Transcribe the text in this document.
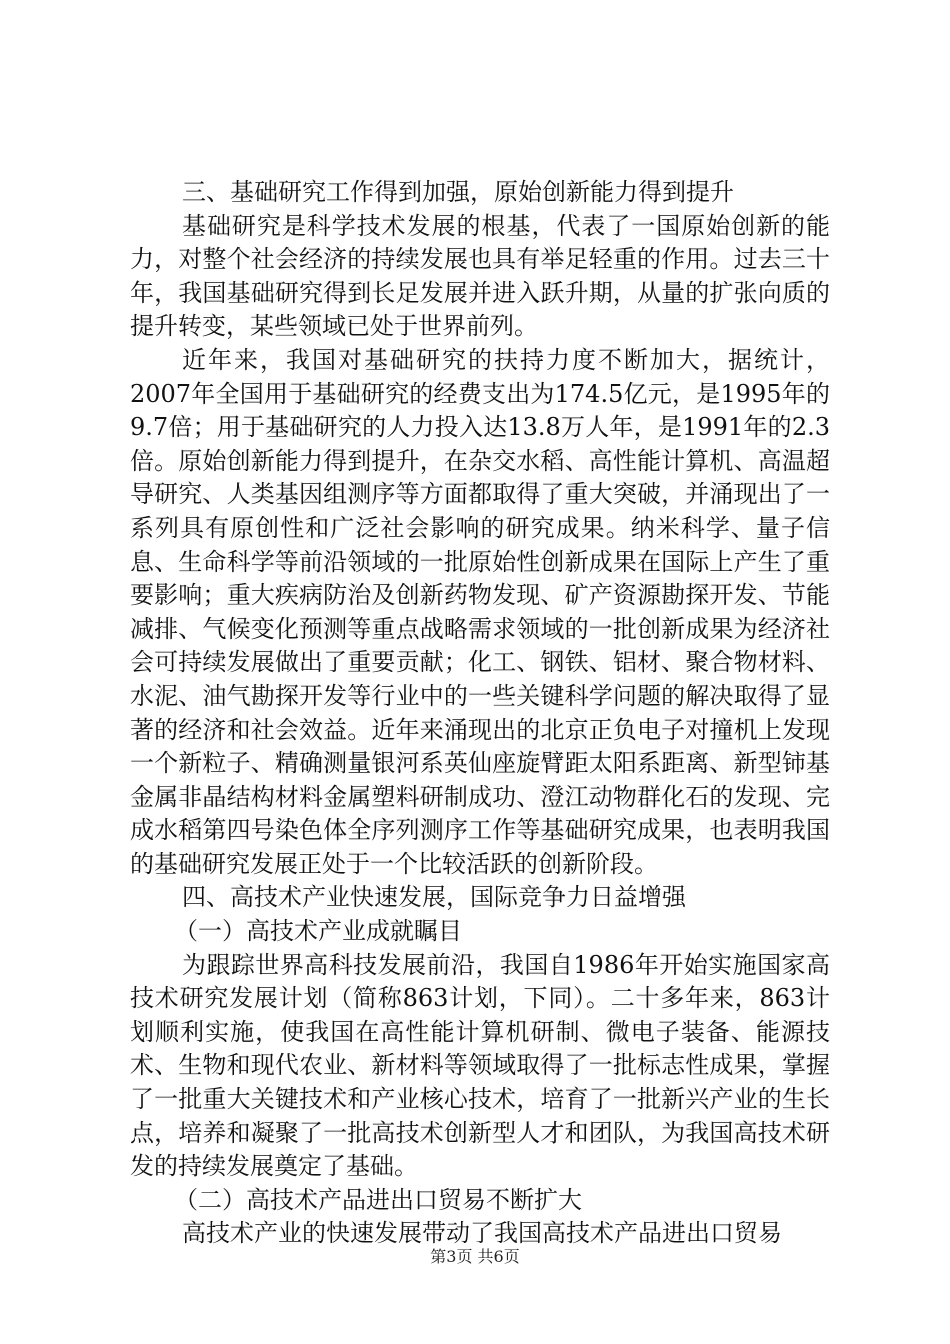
三、基础研究工作得到加强，原始创新能力得到提升

基础研究是科学技术发展的根基，代表了一国原始创新的能力，对整个社会经济的持续发展也具有举足轻重的作用。过去三十年，我国基础研究得到长足发展并进入跃升期，从量的扩张向质的提升转变，某些领域已处于世界前列。

近年来，我国对基础研究的扶持力度不断加大，据统计，2007年全国用于基础研究的经费支出为174.5亿元，是1995年的9.7倍；用于基础研究的人力投入达13.8万人年，是1991年的2.3倍。原始创新能力得到提升，在杂交水稻、高性能计算机、高温超导研究、人类基因组测序等方面都取得了重大突破，并涌现出了一系列具有原创性和广泛社会影响的研究成果。纳米科学、量子信息、生命科学等前沿领域的一批原始性创新成果在国际上产生了重要影响；重大疾病防治及创新药物发现、矿产资源勘探开发、节能减排、气候变化预测等重点战略需求领域的一批创新成果为经济社会可持续发展做出了重要贡献；化工、钢铁、铝材、聚合物材料、水泥、油气勘探开发等行业中的一些关键科学问题的解决取得了显著的经济和社会效益。近年来涌现出的北京正负电子对撞机上发现一个新粒子、精确测量银河系英仙座旋臂距太阳系距离、新型铈基金属非晶结构材料金属塑料研制成功、澄江动物群化石的发现、完成水稻第四号染色体全序列测序工作等基础研究成果，也表明我国的基础研究发展正处于一个比较活跃的创新阶段。

四、高技术产业快速发展，国际竞争力日益增强

（一）高技术产业成就瞩目

为跟踪世界高科技发展前沿，我国自1986年开始实施国家高技术研究发展计划（简称863计划，下同）。二十多年来，863计划顺利实施，使我国在高性能计算机研制、微电子装备、能源技术、生物和现代农业、新材料等领域取得了一批标志性成果，掌握了一批重大关键技术和产业核心技术，培育了一批新兴产业的生长点，培养和凝聚了一批高技术创新型人才和团队，为我国高技术研发的持续发展奠定了基础。

（二）高技术产品进出口贸易不断扩大

高技术产业的快速发展带动了我国高技术产品进出口贸易

第3页 共6页
